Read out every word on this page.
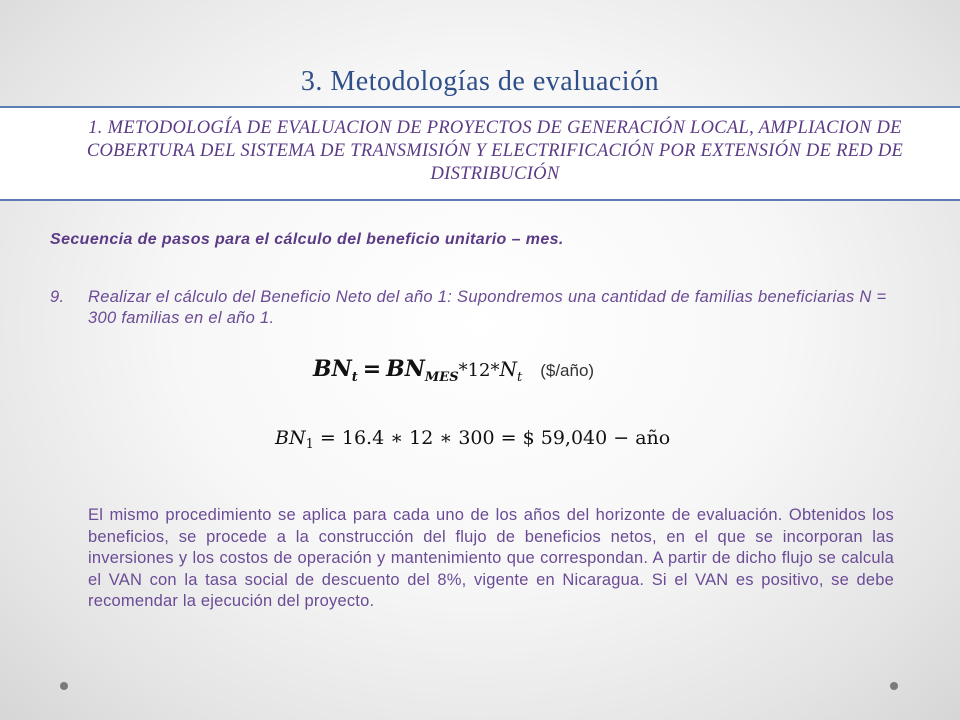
3. Metodologías de evaluación
1. METODOLOGÍA DE EVALUACION DE PROYECTOS DE GENERACIÓN LOCAL, AMPLIACION DE COBERTURA DEL SISTEMA DE TRANSMISIÓN Y ELECTRIFICACIÓN POR EXTENSIÓN DE RED DE DISTRIBUCIÓN
Secuencia de pasos para el cálculo del beneficio unitario – mes.
9. Realizar el cálculo del Beneficio Neto del año 1: Supondremos una cantidad de familias beneficiarias N = 300 familias en el año 1.
$BN_t = BN_{MES}*12*N_t$ ($/año)
$BN_1 = 16.4$ ∗ 12 ∗ 300 = $ 59,040 − año
El mismo procedimiento se aplica para cada uno de los años del horizonte de evaluación. Obtenidos los beneficios, se procede a la construcción del flujo de beneficios netos, en el que se incorporan las inversiones y los costos de operación y mantenimiento que correspondan. A partir de dicho flujo se calcula el VAN con la tasa social de descuento del 8%, vigente en Nicaragua. Si el VAN es positivo, se debe recomendar la ejecución del proyecto.
